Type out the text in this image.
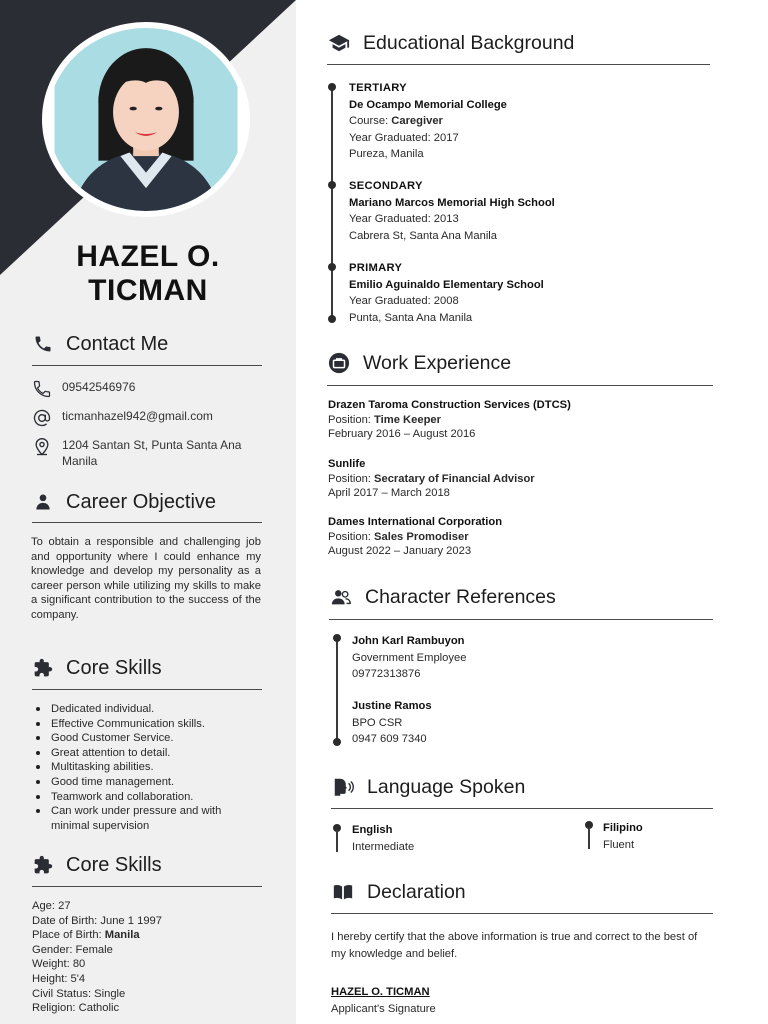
HAZEL O.
TICMAN
Contact Me
09542546976
ticmanhazel942@gmail.com
1204 Santan St, Punta Santa Ana Manila
Career Objective

To obtain a responsible and challenging job and opportunity where I could enhance my knowledge and develop my personality as a career person while utilizing my skills to make a significant contribution to the success of the company.

Core Skills
Dedicated individual.
Effective Communication skills.
Good Customer Service.
Great attention to detail.
Multitasking abilities.
Good time management.
Teamwork and collaboration.
Can work under pressure and with minimal supervision
Core Skills
Age: 27
Date of Birth: June 1 1997
Place of Birth: Manila
Gender: Female
Weight: 80
Height: 5'4
Civil Status: Single
Religion: Catholic
Educational Background
TERTIARY
De Ocampo Memorial College
Course: Caregiver
Year Graduated: 2017
Pureza, Manila
SECONDARY
Mariano Marcos Memorial High School
Year Graduated: 2013
Cabrera St, Santa Ana Manila
PRIMARY
Emilio Aguinaldo Elementary School
Year Graduated: 2008
Punta, Santa Ana Manila
Work Experience
Drazen Taroma Construction Services (DTCS)
Position: Time Keeper
February 2016 – August 2016
Sunlife
Position: Secratary of Financial Advisor
April 2017 – March 2018
Dames International Corporation
Position: Sales Promodiser
August 2022 – January 2023
Character References
John Karl Rambuyon
Government Employee
09772313876
Justine Ramos
BPO CSR
0947 609 7340
Language Spoken
English
Intermediate
Filipino
Fluent
Declaration

I hereby certify that the above information is true and correct to the best of my knowledge and belief.

HAZEL O. TICMAN
Applicant's Signature
